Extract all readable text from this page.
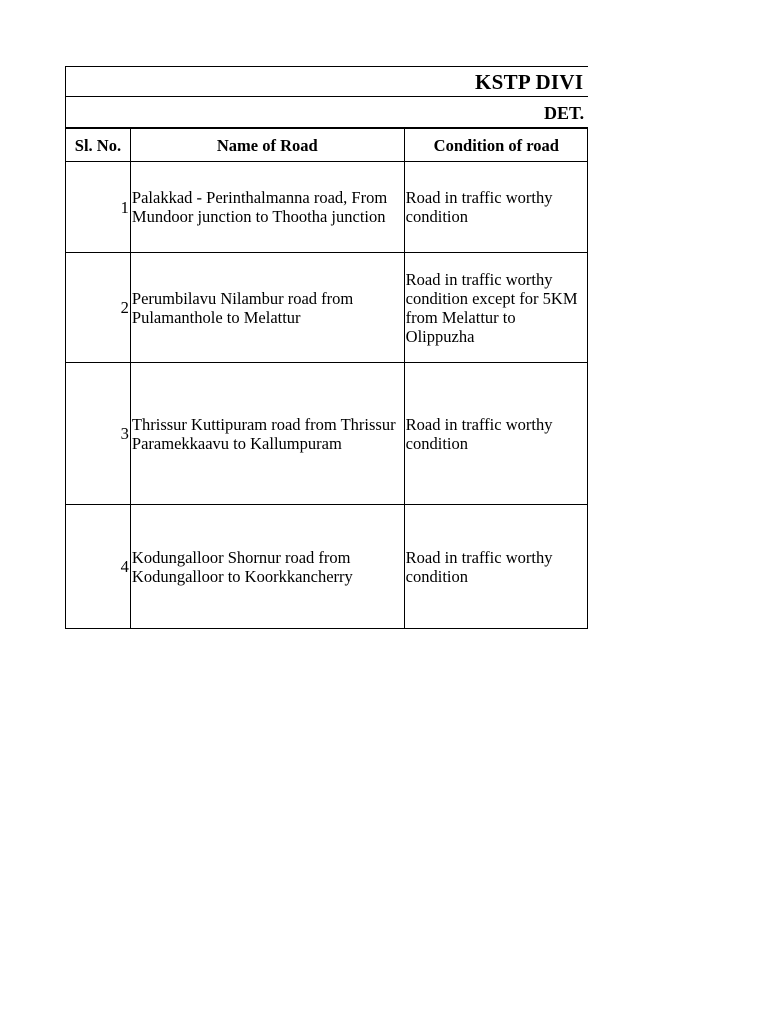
KSTP DIVI
DET.
Sl. No.	Name of Road	Condition of road
1	Palakkad - Perinthalmanna road, From Mundoor junction to Thootha junction	Road in traffic worthy condition
2	Perumbilavu Nilambur road from Pulamanthole to Melattur	Road in traffic worthy condition except for 5KM from Melattur to Olippuzha
3	Thrissur Kuttipuram road from Thrissur Paramekkaavu to Kallumpuram	Road in traffic worthy condition
4	Kodungalloor Shornur road from Kodungalloor to Koorkkancherry	Road in traffic worthy condition
